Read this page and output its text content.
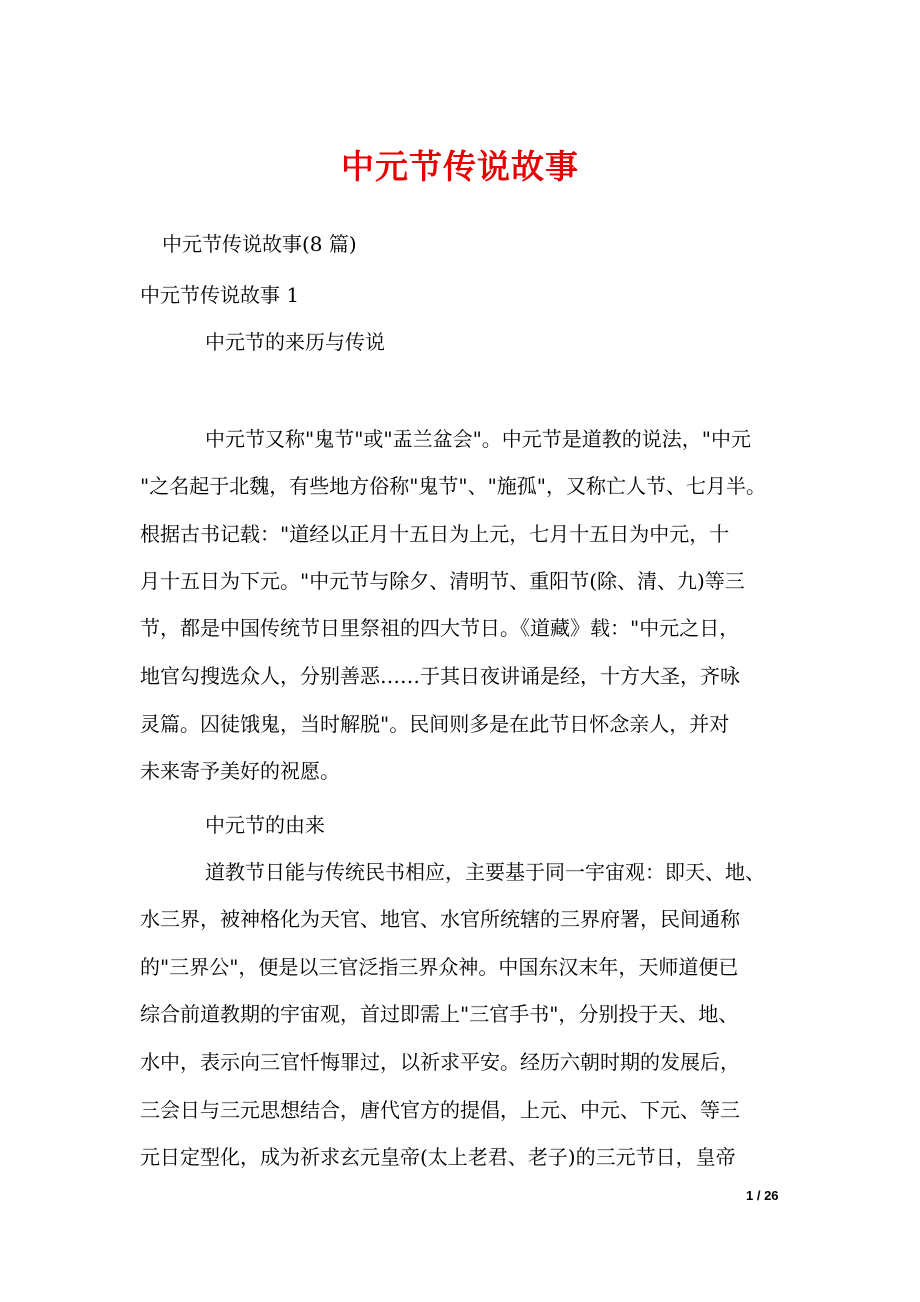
中元节传说故事

中元节传说故事(8 篇)

中元节传说故事 1

中元节的来历与传说

中元节又称"鬼节"或"盂兰盆会"。中元节是道教的说法，"中元

"之名起于北魏，有些地方俗称"鬼节"、"施孤"，又称亡人节、七月半。

根据古书记载："道经以正月十五日为上元，七月十五日为中元，十

月十五日为下元。"中元节与除夕、清明节、重阳节(除、清、九)等三

节，都是中国传统节日里祭祖的四大节日。《道藏》载："中元之日，

地官勾搜选众人，分别善恶……于其日夜讲诵是经，十方大圣，齐咏

灵篇。囚徒饿鬼，当时解脱"。民间则多是在此节日怀念亲人，并对

未来寄予美好的祝愿。

中元节的由来

道教节日能与传统民书相应，主要基于同一宇宙观：即天、地、

水三界，被神格化为天官、地官、水官所统辖的三界府署，民间通称

的"三界公"，便是以三官泛指三界众神。中国东汉末年，天师道便已

综合前道教期的宇宙观，首过即需上"三官手书"，分别投于天、地、

水中，表示向三官忏悔罪过，以祈求平安。经历六朝时期的发展后，

三会日与三元思想结合，唐代官方的提倡，上元、中元、下元、等三

元日定型化，成为祈求玄元皇帝(太上老君、老子)的三元节日，皇帝

1 / 26
